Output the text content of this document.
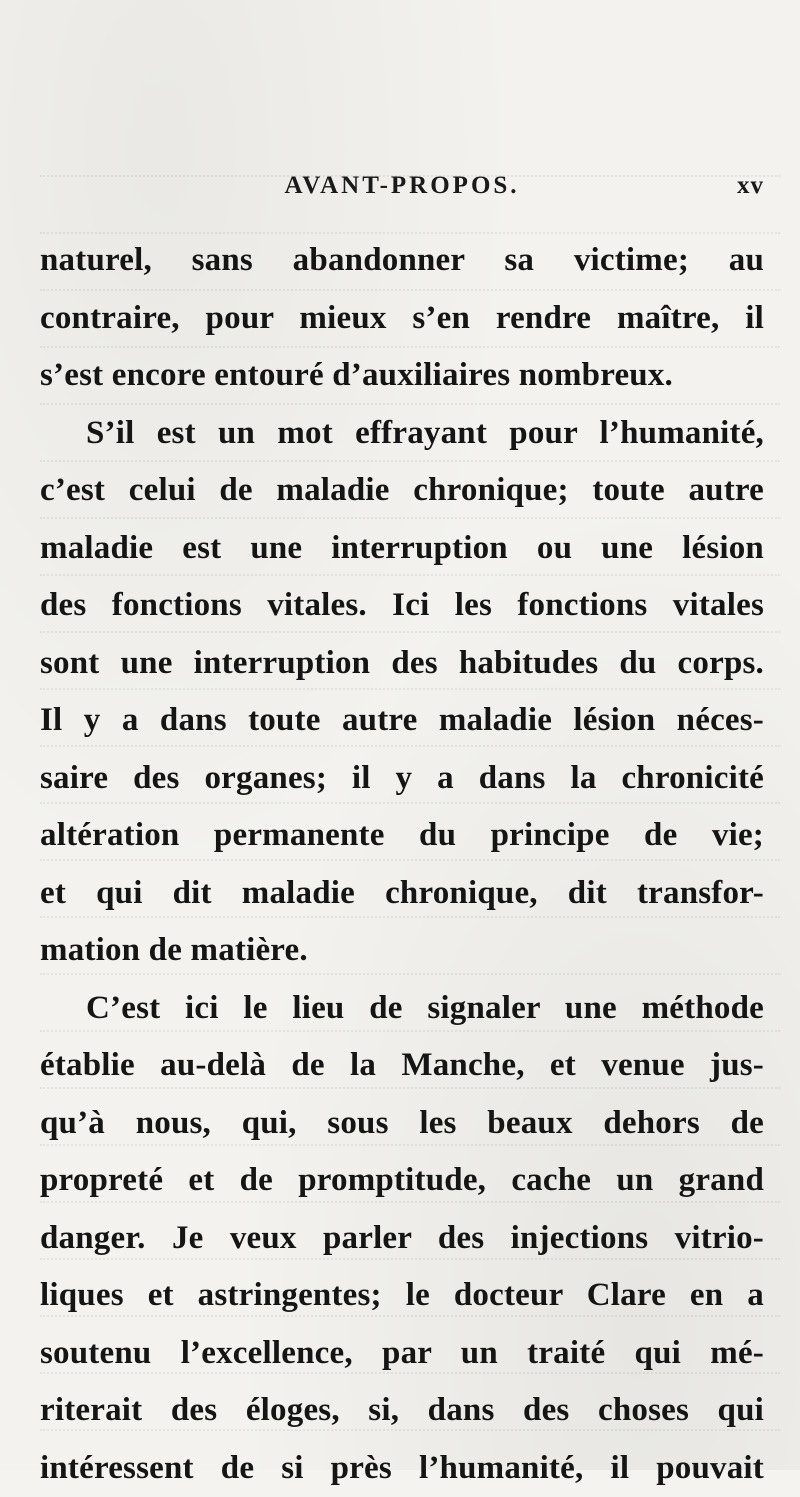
AVANT-PROPOS.	xv
naturel, sans abandonner sa victime; au
contraire, pour mieux s’en rendre maître, il
s’est encore entouré d’auxiliaires nombreux.
S’il est un mot effrayant pour l’humanité,
c’est celui de maladie chronique; toute autre
maladie est une interruption ou une lésion
des fonctions vitales. Ici les fonctions vitales
sont une interruption des habitudes du corps.
Il y a dans toute autre maladie lésion néces-
saire des organes; il y a dans la chronicité
altération permanente du principe de vie;
et qui dit maladie chronique, dit transfor-
mation de matière.
C’est ici le lieu de signaler une méthode
établie au-delà de la Manche, et venue jus-
qu’à nous, qui, sous les beaux dehors de
propreté et de promptitude, cache un grand
danger. Je veux parler des injections vitrio-
liques et astringentes; le docteur Clare en a
soutenu l’excellence, par un traité qui mé-
riterait des éloges, si, dans des choses qui
intéressent de si près l’humanité, il pouvait
